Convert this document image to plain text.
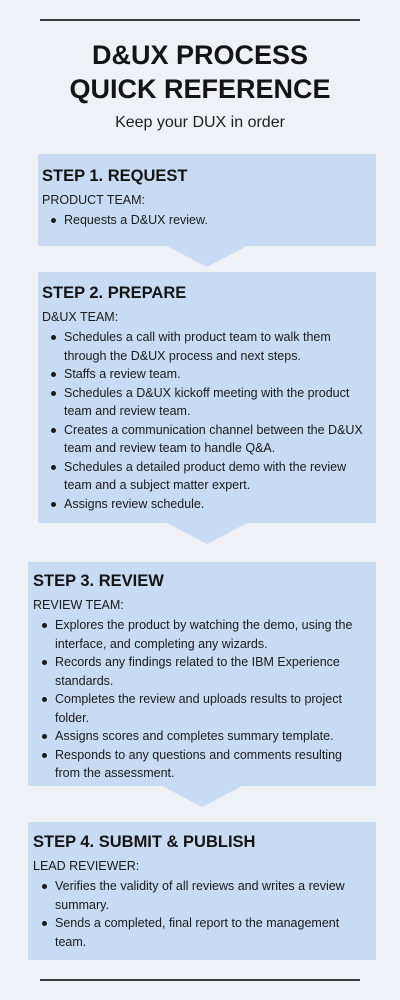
D&UX PROCESS
QUICK REFERENCE
Keep your DUX in order
STEP 1. REQUEST
PRODUCT TEAM:
Requests a D&UX review.
STEP 2. PREPARE
D&UX TEAM:
Schedules a call with product team to walk them through the D&UX process and next steps.
Staffs a review team.
Schedules a D&UX kickoff meeting with the product team and review team.
Creates a communication channel between the D&UX team and review team to handle Q&A.
Schedules a detailed product demo with the review team and a subject matter expert.
Assigns review schedule.
STEP 3. REVIEW
REVIEW TEAM:
Explores the product by watching the demo, using the interface, and completing any wizards.
Records any findings related to the IBM Experience standards.
Completes the review and uploads results to project folder.
Assigns scores and completes summary template.
Responds to any questions and comments resulting from the assessment.
STEP 4. SUBMIT & PUBLISH
LEAD REVIEWER:
Verifies the validity of all reviews and writes a review summary.
Sends a completed, final report to the management team.
